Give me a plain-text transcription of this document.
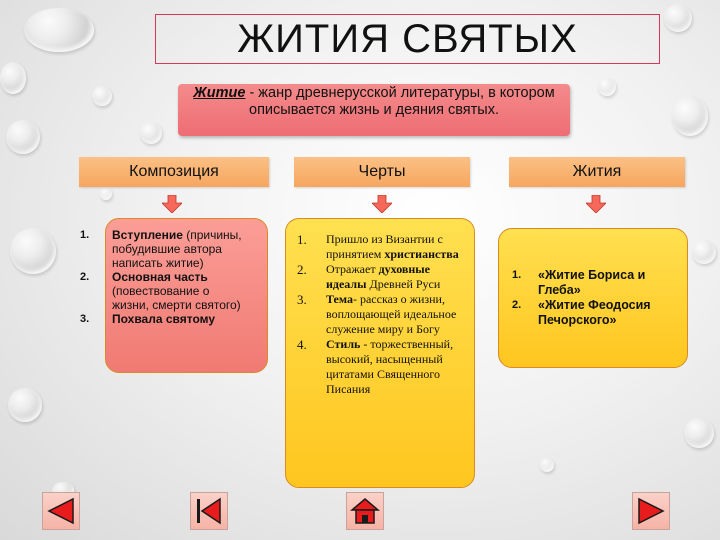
ЖИТИЯ СВЯТЫХ
Житие - жанр древнерусской литературы, в котором описывается жизнь и деяния святых.
Композиция	Черты	Жития
1. Вступление (причины, побудившие автора написать житие)
2. Основная часть (повествование о жизни, смерти святого)
3. Похвала святому
1. Пришло из Византии с принятием христианства
2. Отражает духовные идеалы Древней Руси
3. Тема- рассказ о жизни, воплощающей идеальное служение миру и Богу
4. Стиль - торжественный, высокий, насыщенный цитатами Священного Писания
1. «Житие Бориса и Глеба»
2. «Житие Феодосия Печорского»
